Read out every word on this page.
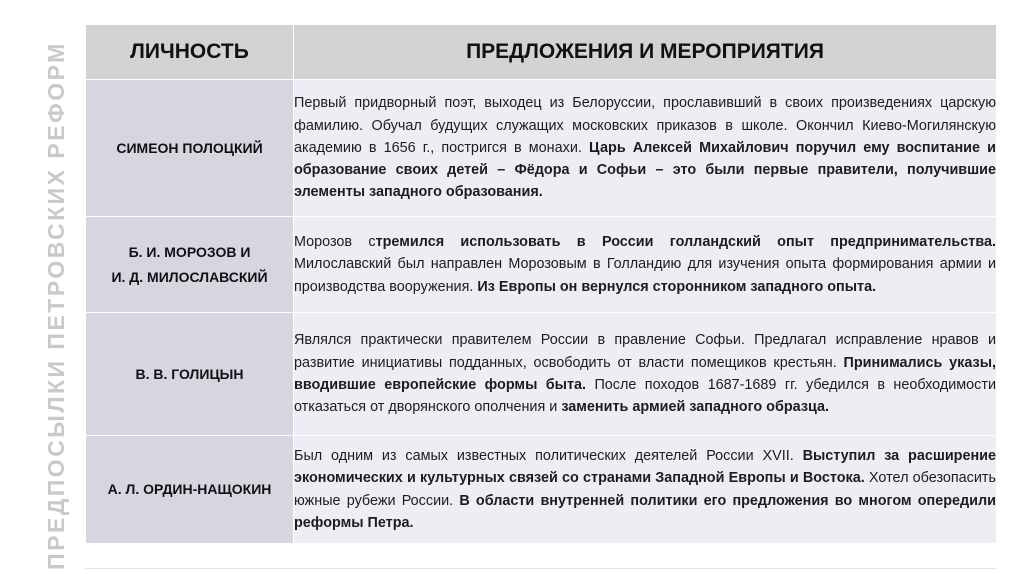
ПРЕДПОСЫЛКИ ПЕТРОВСКИХ РЕФОРМ	ЛИЧНОСТЬ	ПРЕДЛОЖЕНИЯ И МЕРОПРИЯТИЯ
СИМЕОН ПОЛОЦКИЙ	Первый придворный поэт, выходец из Белоруссии, прославивший в своих произведениях царскую фамилию. Обучал будущих служащих московских приказов в школе. Окончил Киево-Могилянскую академию в 1656 г., постригся в монахи. Царь Алексей Михайлович поручил ему воспитание и образование своих детей – Фёдора и Софьи – это были первые правители, получившие элементы западного образования.
Б. И. МОРОЗОВ И
И. Д. МИЛОСЛАВСКИЙ	Морозов стремился использовать в России голландский опыт предпринимательства. Милославский был направлен Морозовым в Голландию для изучения опыта формирования армии и производства вооружения. Из Европы он вернулся сторонником западного опыта.
В. В. ГОЛИЦЫН	Являлся практически правителем России в правление Софьи. Предлагал исправление нравов и развитие инициативы подданных, освободить от власти помещиков крестьян. Принимались указы, вводившие европейские формы быта. После походов 1687-1689 гг. убедился в необходимости отказаться от дворянского ополчения и заменить армией западного образца.
А. Л. ОРДИН-НАЩОКИН	Был одним из самых известных политических деятелей России XVII. Выступил за расширение экономических и культурных связей со странами Западной Европы и Востока. Хотел обезопасить южные рубежи России. В области внутренней политики его предложения во многом опередили реформы Петра.
